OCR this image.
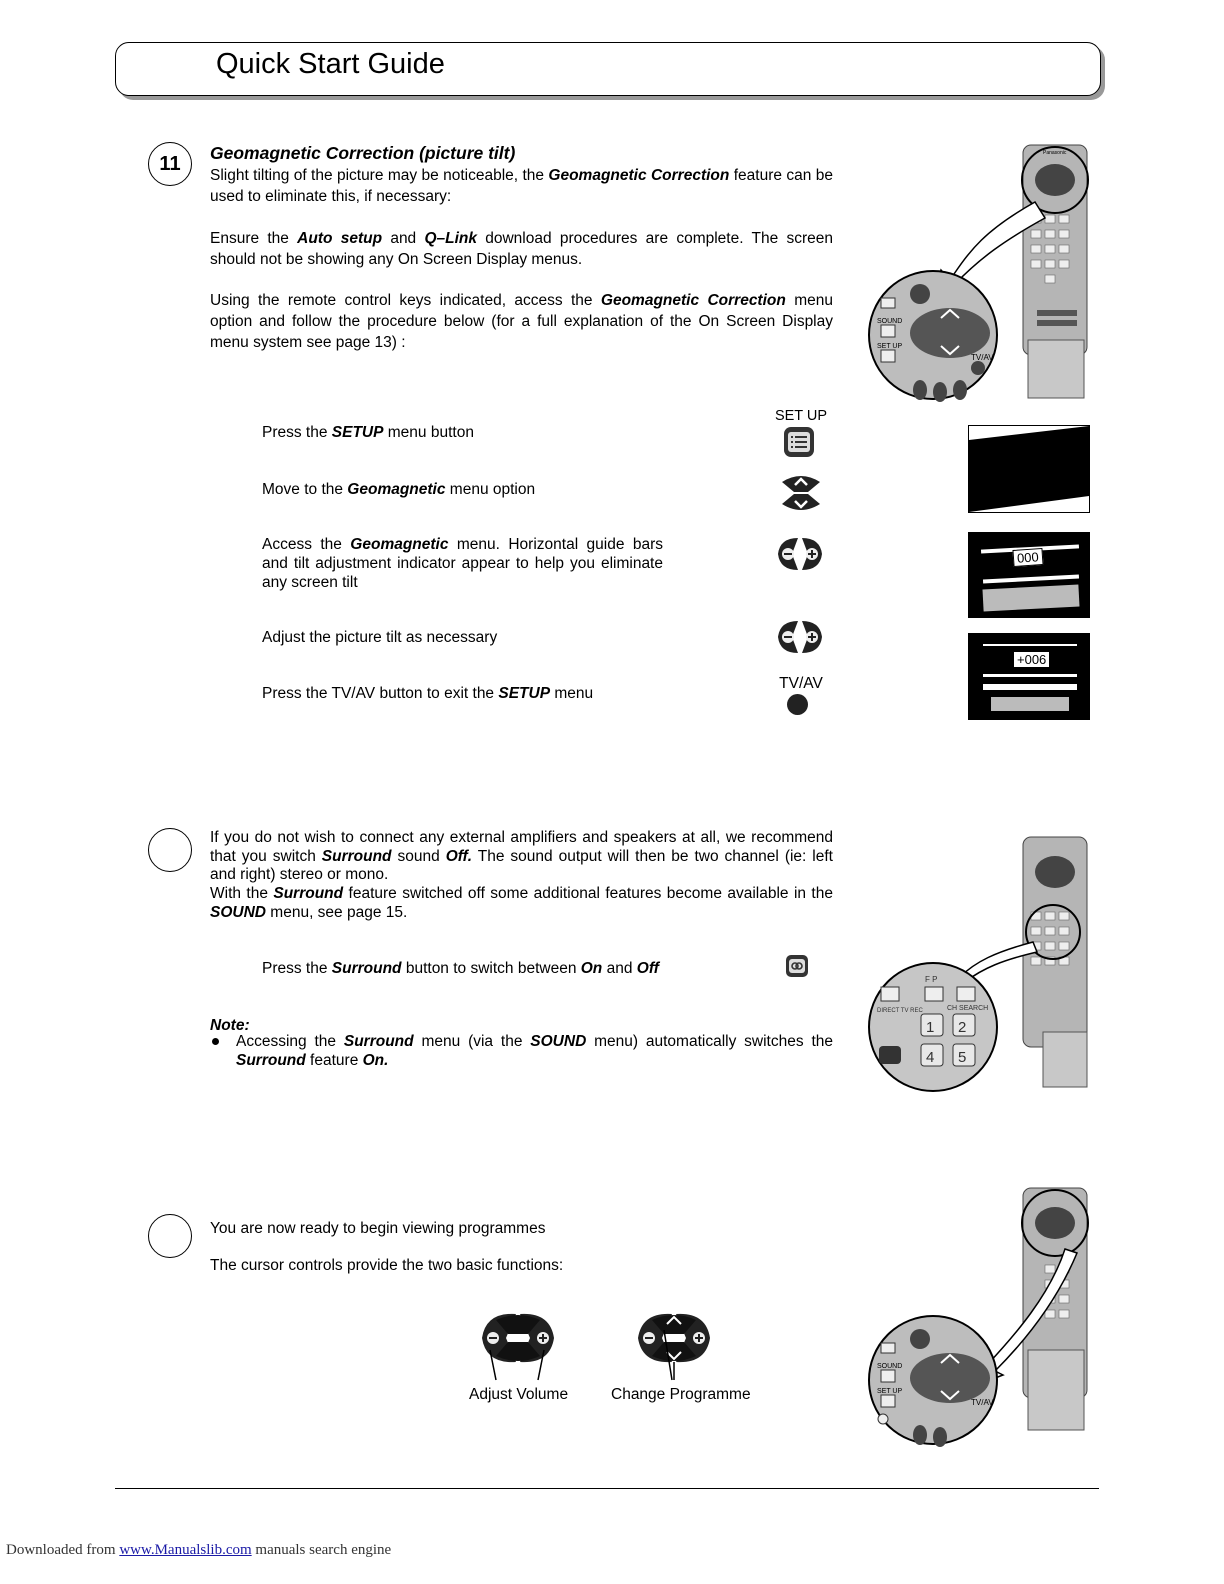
Quick Start Guide
11	Geomagnetic Correction (picture tilt)
Slight tilting of the picture may be noticeable, the Geomagnetic Correction feature can be used to eliminate this, if necessary:
Ensure the Auto setup and Q–Link download procedures are complete. The screen should not be showing any On Screen Display menus.
Using the remote control keys indicated, access the Geomagnetic Correction menu option and follow the procedure below (for a full explanation of the On Screen Display menu system see page 13) :
SOUND
SET UP
TV/AV
Panasonic
Press the SETUP menu button
Move to the Geomagnetic menu option
Access the Geomagnetic menu. Horizontal guide bars and tilt adjustment indicator appear to help you eliminate any screen tilt
Adjust the picture tilt as necessary
Press the TV/AV button to exit the SETUP menu
SET UP
TV/AV
000
+006
If you do not wish to connect any external amplifiers and speakers at all, we recommend that you switch Surround sound Off. The sound output will then be two channel (ie: left and right) stereo or mono.
With the Surround feature switched off some additional features become available in the SOUND menu, see page 15.
Press the Surround button to switch between On and Off
Note:
Accessing the Surround menu (via the SOUND menu) automatically switches the Surround feature On.
F P
DIRECT TV REC	CH SEARCH
1 2
4 5
You are now ready to begin viewing programmes
The cursor controls provide the two basic functions:
Adjust Volume	Change Programme
SOUND
SET UP
TV/AV
Downloaded from www.Manualslib.com manuals search engine
